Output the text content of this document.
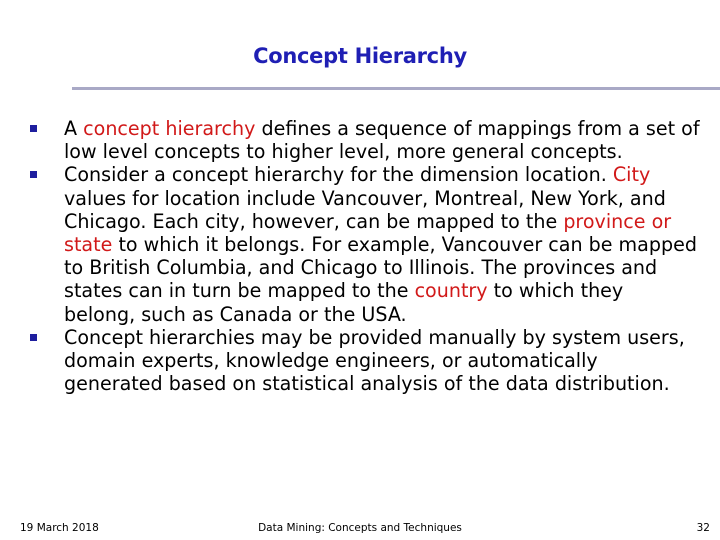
Concept Hierarchy
A concept hierarchy defines a sequence of mappings from a set of low level concepts to higher level, more general concepts.
Consider a concept hierarchy for the dimension location. City values for location include Vancouver, Montreal, New York, and Chicago. Each city, however, can be mapped to the province or state to which it belongs. For example, Vancouver can be mapped to British Columbia, and Chicago to Illinois. The provinces and states can in turn be mapped to the country to which they belong, such as Canada or the USA.
Concept hierarchies may be provided manually by system users, domain experts, knowledge engineers, or automatically generated based on statistical analysis of the data distribution.
19 March 2018	Data Mining: Concepts and Techniques	32
